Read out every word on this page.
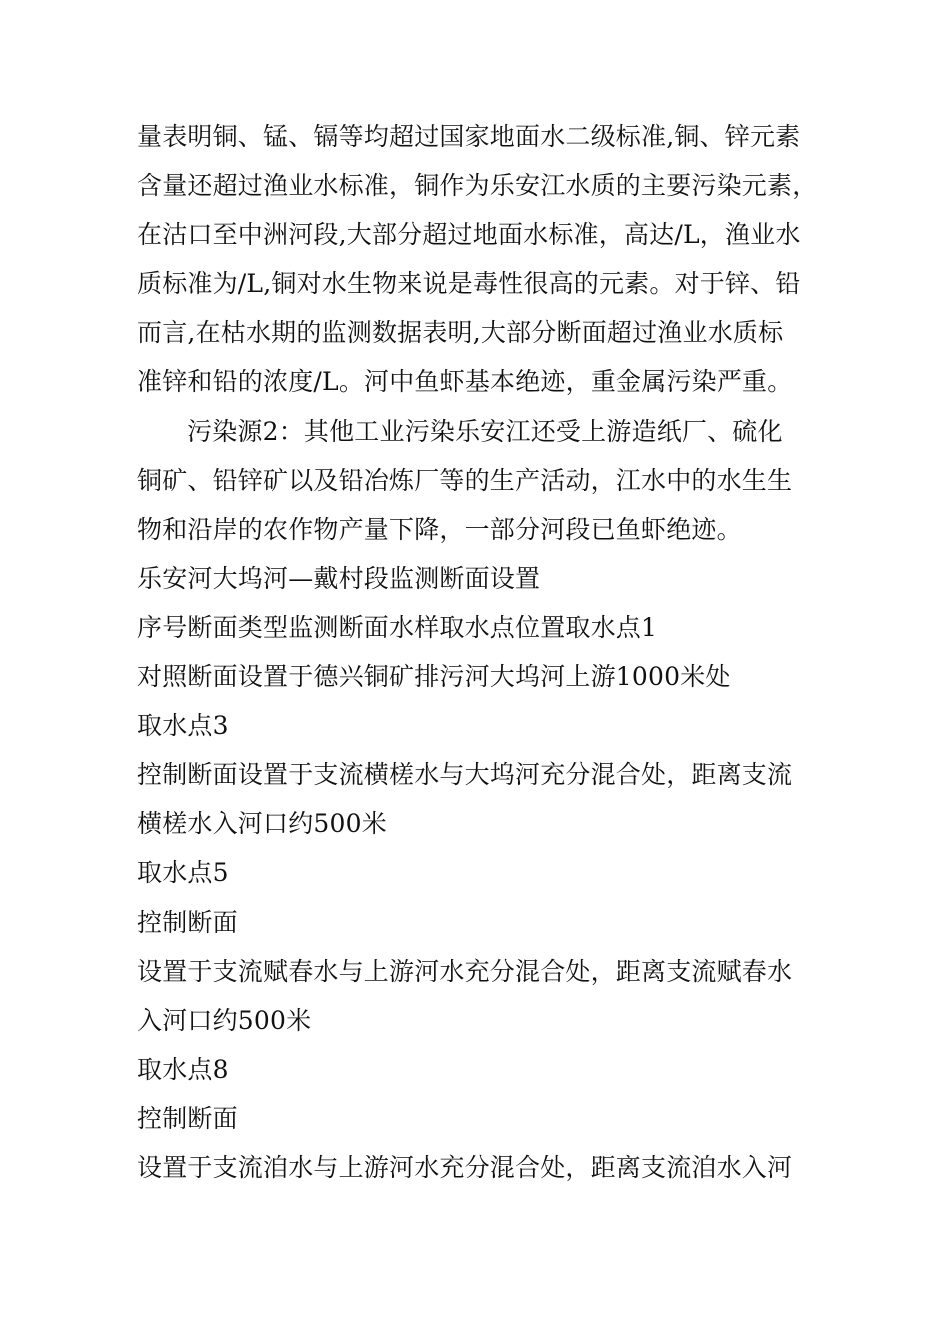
量表明铜、锰、镉等均超过国家地面水二级标准,铜、锌元素
含量还超过渔业水标准，铜作为乐安江水质的主要污染元素，
在沽口至中洲河段,大部分超过地面水标准，高达/L，渔业水
质标准为/L,铜对水生物来说是毒性很高的元素。对于锌、铅
而言,在枯水期的监测数据表明,大部分断面超过渔业水质标
准锌和铅的浓度/L。河中鱼虾基本绝迹，重金属污染严重。
污染源2：其他工业污染乐安江还受上游造纸厂、硫化
铜矿、铅锌矿以及铅冶炼厂等的生产活动，江水中的水生生
物和沿岸的农作物产量下降，一部分河段已鱼虾绝迹。
乐安河大坞河—戴村段监测断面设置
序号断面类型监测断面水样取水点位置取水点1
对照断面设置于德兴铜矿排污河大坞河上游1000米处
取水点3
控制断面设置于支流横槎水与大坞河充分混合处，距离支流
横槎水入河口约500米
取水点5
控制断面
设置于支流赋春水与上游河水充分混合处，距离支流赋春水
入河口约500米
取水点8
控制断面
设置于支流洎水与上游河水充分混合处，距离支流洎水入河
